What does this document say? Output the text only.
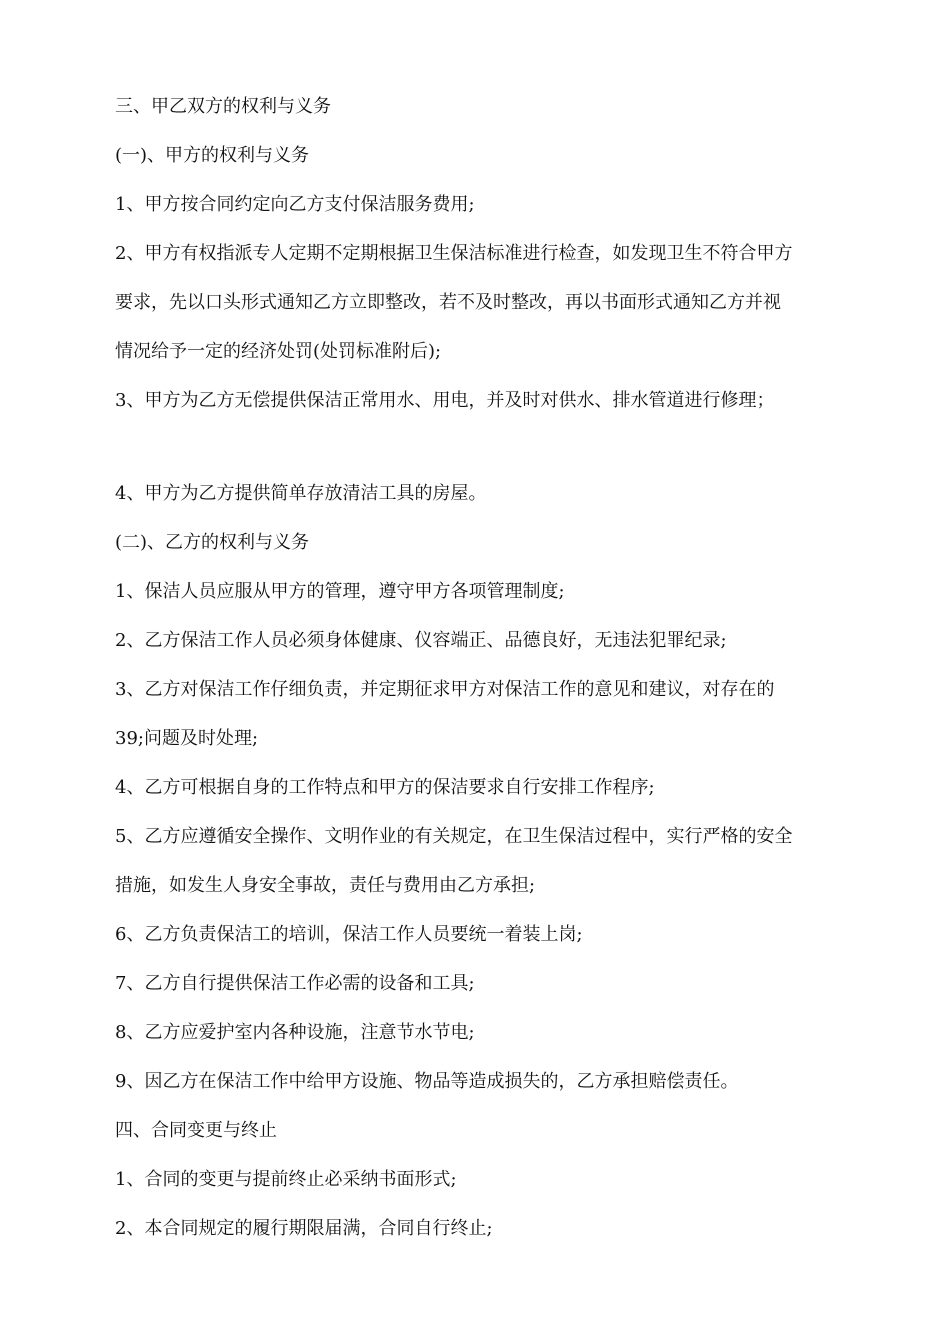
三、甲乙双方的权利与义务

(一)、甲方的权利与义务

1、甲方按合同约定向乙方支付保洁服务费用;

2、甲方有权指派专人定期不定期根据卫生保洁标准进行检查，如发现卫生不符合甲方

要求，先以口头形式通知乙方立即整改，若不及时整改，再以书面形式通知乙方并视

情况给予一定的经济处罚(处罚标准附后);

3、甲方为乙方无偿提供保洁正常用水、用电，并及时对供水、排水管道进行修理；

4、甲方为乙方提供简单存放清洁工具的房屋。

(二)、乙方的权利与义务

1、保洁人员应服从甲方的管理，遵守甲方各项管理制度;

2、乙方保洁工作人员必须身体健康、仪容端正、品德良好，无违法犯罪纪录;

3、乙方对保洁工作仔细负责，并定期征求甲方对保洁工作的意见和建议，对存在的

39;问题及时处理;

4、乙方可根据自身的工作特点和甲方的保洁要求自行安排工作程序;

5、乙方应遵循安全操作、文明作业的有关规定，在卫生保洁过程中，实行严格的安全

措施，如发生人身安全事故，责任与费用由乙方承担;

6、乙方负责保洁工的培训，保洁工作人员要统一着装上岗;

7、乙方自行提供保洁工作必需的设备和工具;

8、乙方应爱护室内各种设施，注意节水节电;

9、因乙方在保洁工作中给甲方设施、物品等造成损失的，乙方承担赔偿责任。

四、合同变更与终止

1、合同的变更与提前终止必采纳书面形式;

2、本合同规定的履行期限届满，合同自行终止;
